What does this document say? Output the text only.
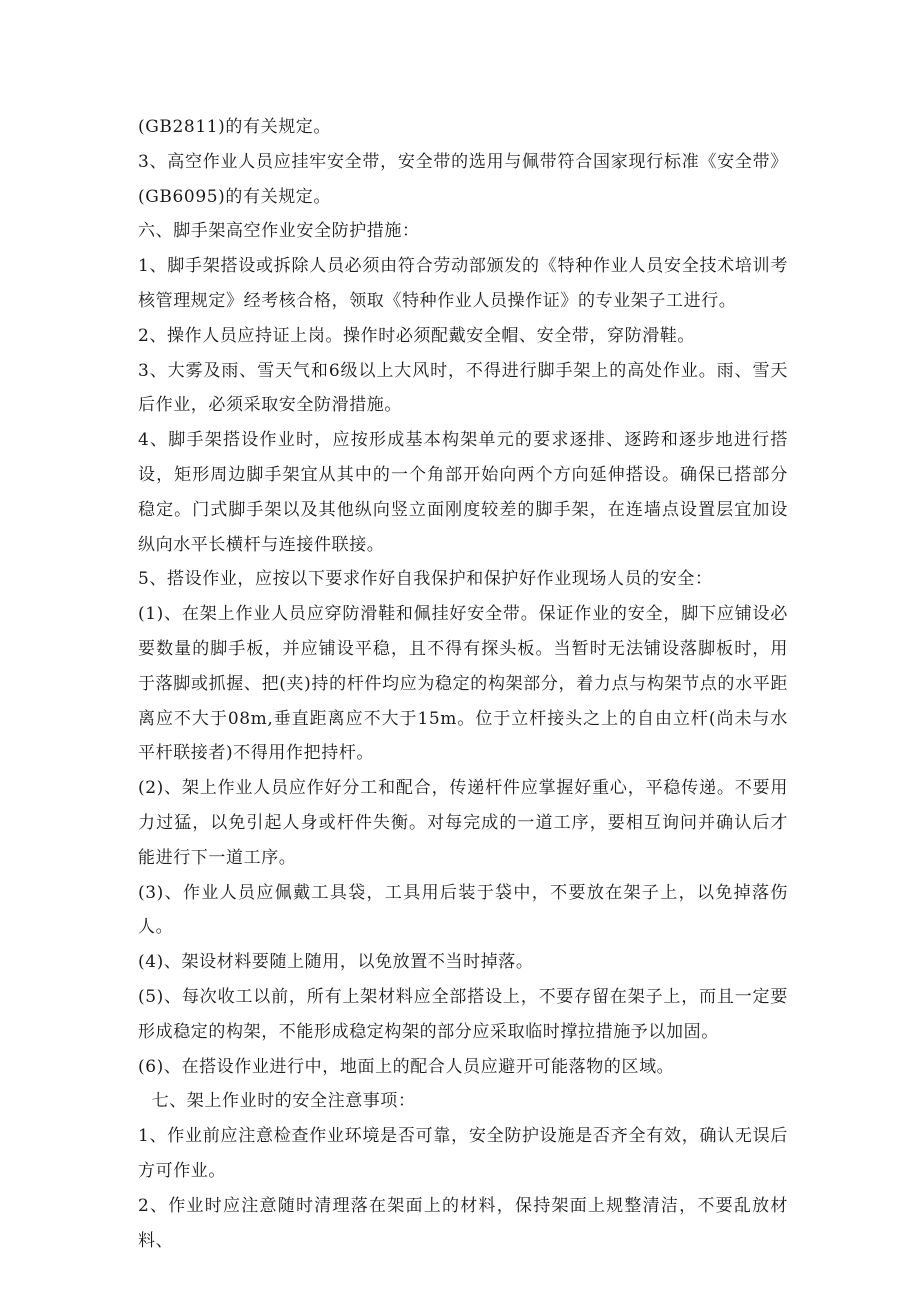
(GB2811)的有关规定。

3、高空作业人员应挂牢安全带，安全带的选用与佩带符合国家现行标准《安全带》(GB6095)的有关规定。

六、脚手架高空作业安全防护措施：

1、脚手架搭设或拆除人员必须由符合劳动部颁发的《特种作业人员安全技术培训考核管理规定》经考核合格，领取《特种作业人员操作证》的专业架子工进行。

2、操作人员应持证上岗。操作时必须配戴安全帽、安全带，穿防滑鞋。

3、大雾及雨、雪天气和6级以上大风时，不得进行脚手架上的高处作业。雨、雪天后作业，必须采取安全防滑措施。

4、脚手架搭设作业时，应按形成基本构架单元的要求逐排、逐跨和逐步地进行搭设，矩形周边脚手架宜从其中的一个角部开始向两个方向延伸搭设。确保已搭部分稳定。门式脚手架以及其他纵向竖立面刚度较差的脚手架，在连墙点设置层宜加设纵向水平长横杆与连接件联接。

5、搭设作业，应按以下要求作好自我保护和保护好作业现场人员的安全：

(1)、在架上作业人员应穿防滑鞋和佩挂好安全带。保证作业的安全，脚下应铺设必要数量的脚手板，并应铺设平稳，且不得有探头板。当暂时无法铺设落脚板时，用于落脚或抓握、把(夹)持的杆件均应为稳定的构架部分，着力点与构架节点的水平距离应不大于08m,垂直距离应不大于15m。位于立杆接头之上的自由立杆(尚未与水平杆联接者)不得用作把持杆。

(2)、架上作业人员应作好分工和配合，传递杆件应掌握好重心，平稳传递。不要用力过猛，以免引起人身或杆件失衡。对每完成的一道工序，要相互询问并确认后才能进行下一道工序。

(3)、作业人员应佩戴工具袋，工具用后装于袋中，不要放在架子上，以免掉落伤人。

(4)、架设材料要随上随用，以免放置不当时掉落。

(5)、每次收工以前，所有上架材料应全部搭设上，不要存留在架子上，而且一定要形成稳定的构架，不能形成稳定构架的部分应采取临时撑拉措施予以加固。

(6)、在搭设作业进行中，地面上的配合人员应避开可能落物的区域。

七、架上作业时的安全注意事项：

1、作业前应注意检查作业环境是否可靠，安全防护设施是否齐全有效，确认无误后方可作业。

2、作业时应注意随时清理落在架面上的材料，保持架面上规整清洁，不要乱放材料、
